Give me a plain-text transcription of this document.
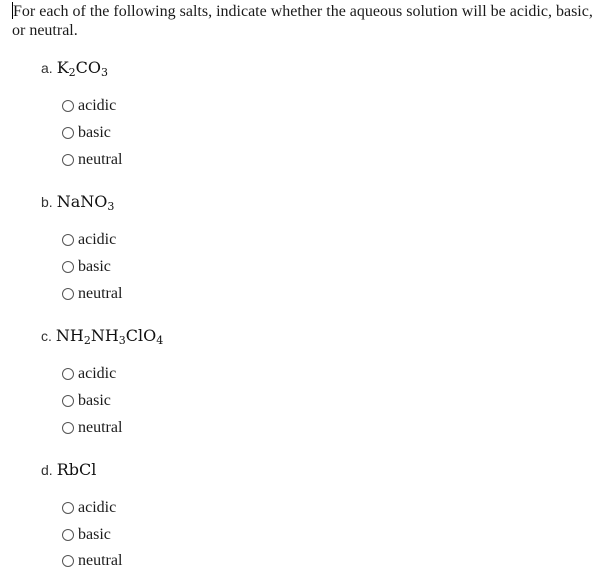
For each of the following salts, indicate whether the aqueous solution will be acidic, basic, or neutral.
a. $K_2CO_3$
acidic
basic
neutral
b. NaNO$_3$
acidic
basic
neutral
c. $NH_2NH_3ClO_4$
acidic
basic
neutral
d. RbCl
acidic
basic
neutral
